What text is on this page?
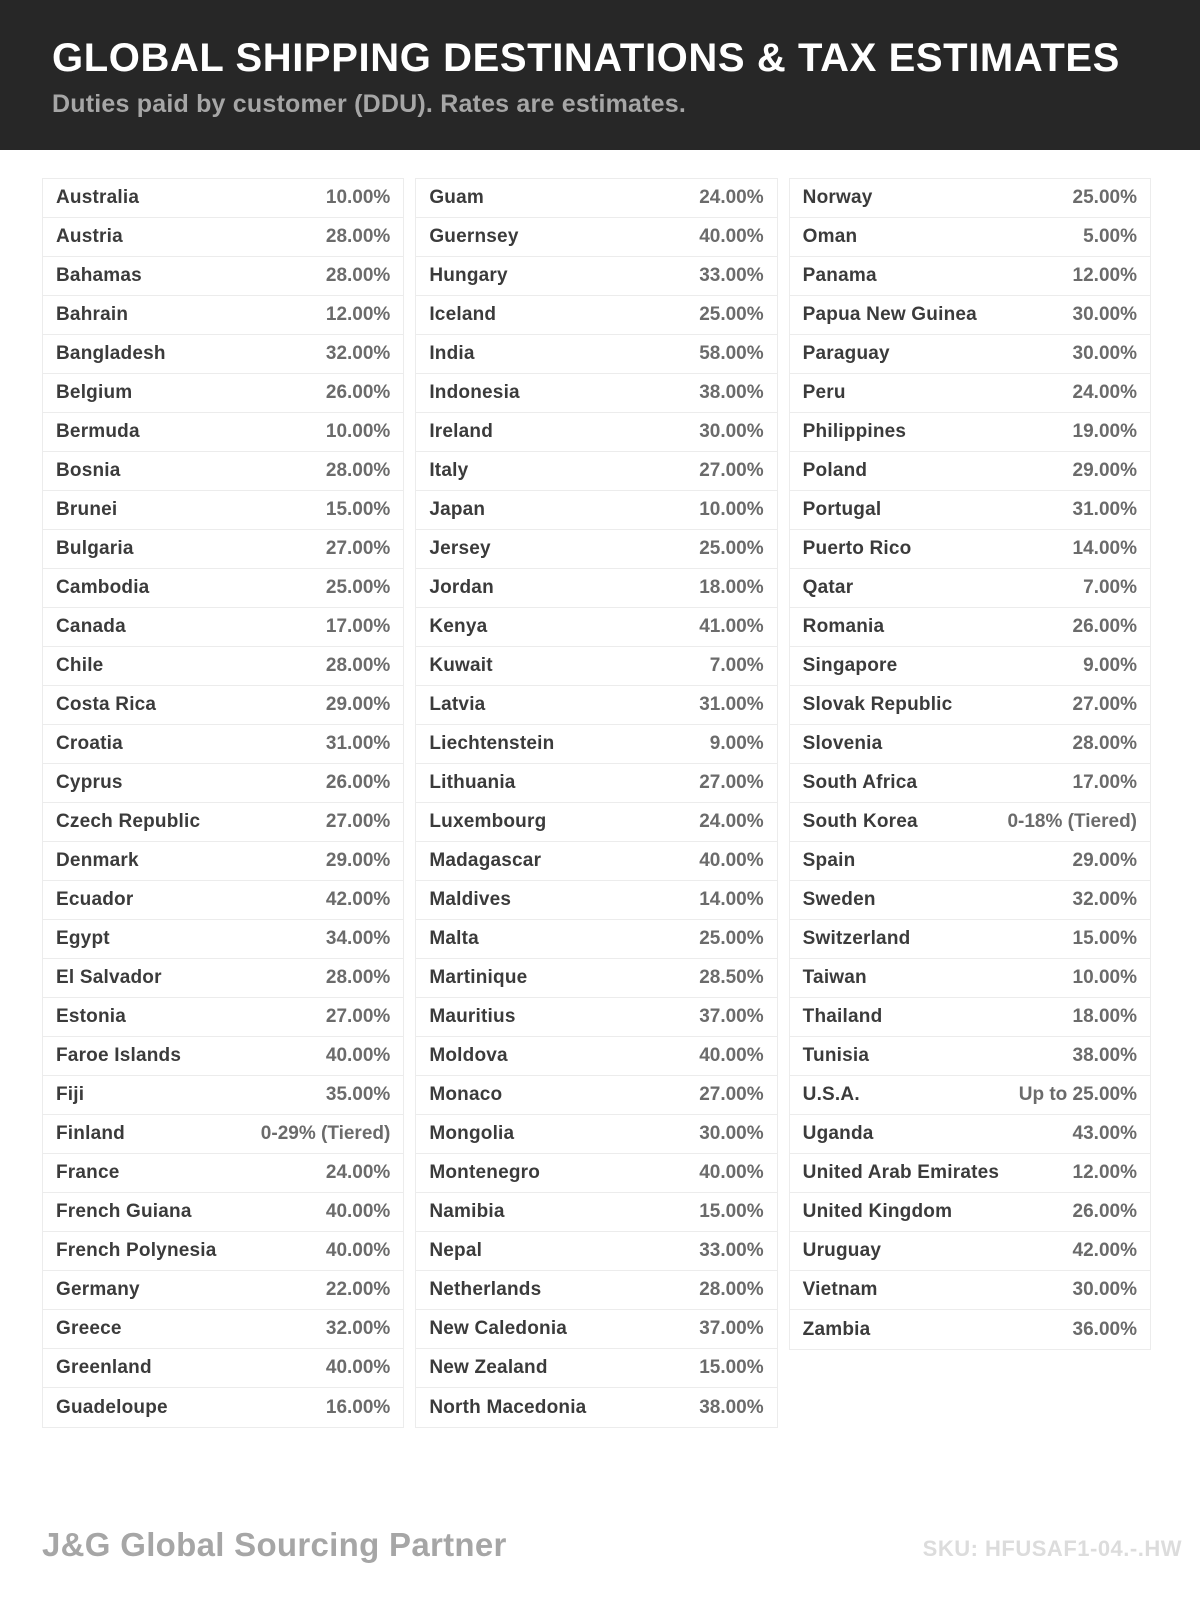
GLOBAL SHIPPING DESTINATIONS & TAX ESTIMATES
Duties paid by customer (DDU). Rates are estimates.
Australia	10.00%
Austria	28.00%
Bahamas	28.00%
Bahrain	12.00%
Bangladesh	32.00%
Belgium	26.00%
Bermuda	10.00%
Bosnia	28.00%
Brunei	15.00%
Bulgaria	27.00%
Cambodia	25.00%
Canada	17.00%
Chile	28.00%
Costa Rica	29.00%
Croatia	31.00%
Cyprus	26.00%
Czech Republic	27.00%
Denmark	29.00%
Ecuador	42.00%
Egypt	34.00%
El Salvador	28.00%
Estonia	27.00%
Faroe Islands	40.00%
Fiji	35.00%
Finland	0-29% (Tiered)
France	24.00%
French Guiana	40.00%
French Polynesia	40.00%
Germany	22.00%
Greece	32.00%
Greenland	40.00%
Guadeloupe	16.00%
Guam	24.00%
Guernsey	40.00%
Hungary	33.00%
Iceland	25.00%
India	58.00%
Indonesia	38.00%
Ireland	30.00%
Italy	27.00%
Japan	10.00%
Jersey	25.00%
Jordan	18.00%
Kenya	41.00%
Kuwait	7.00%
Latvia	31.00%
Liechtenstein	9.00%
Lithuania	27.00%
Luxembourg	24.00%
Madagascar	40.00%
Maldives	14.00%
Malta	25.00%
Martinique	28.50%
Mauritius	37.00%
Moldova	40.00%
Monaco	27.00%
Mongolia	30.00%
Montenegro	40.00%
Namibia	15.00%
Nepal	33.00%
Netherlands	28.00%
New Caledonia	37.00%
New Zealand	15.00%
North Macedonia	38.00%
Norway	25.00%
Oman	5.00%
Panama	12.00%
Papua New Guinea	30.00%
Paraguay	30.00%
Peru	24.00%
Philippines	19.00%
Poland	29.00%
Portugal	31.00%
Puerto Rico	14.00%
Qatar	7.00%
Romania	26.00%
Singapore	9.00%
Slovak Republic	27.00%
Slovenia	28.00%
South Africa	17.00%
South Korea	0-18% (Tiered)
Spain	29.00%
Sweden	32.00%
Switzerland	15.00%
Taiwan	10.00%
Thailand	18.00%
Tunisia	38.00%
U.S.A.	Up to 25.00%
Uganda	43.00%
United Arab Emirates	12.00%
United Kingdom	26.00%
Uruguay	42.00%
Vietnam	30.00%
Zambia	36.00%
J&G Global Sourcing Partner	SKU: HFUSAF1-04.-.HW
